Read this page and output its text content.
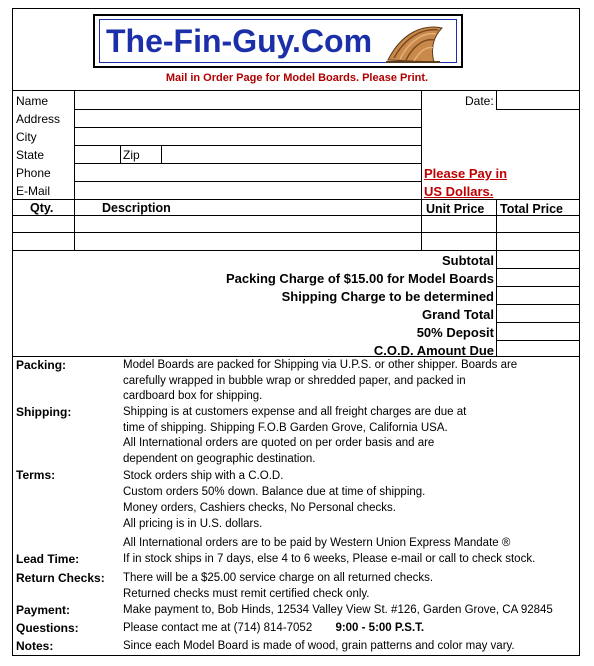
The-Fin-Guy.Com
Mail in Order Page for Model Boards. Please Print.
Name
Address
City
State	Zip
Phone
E-Mail
Date:
Please Pay in
US Dollars.
Qty.	Description	Unit Price Total Price
Subtotal
Packing Charge of $15.00 for Model Boards
Shipping Charge to be determined
Grand Total
50% Deposit
C.O.D. Amount Due
Packing:	Model Boards are packed for Shipping via U.P.S. or other shipper. Boards are
carefully wrapped in bubble wrap or shredded paper, and packed in
cardboard box for shipping.
Shipping:	Shipping is at customers expense and all freight charges are due at
time of shipping. Shipping F.O.B Garden Grove, California USA.
All International orders are quoted on per order basis and are
dependent on geographic destination.
Terms:	Stock orders ship with a C.O.D.
Custom orders 50% down. Balance due at time of shipping.
Money orders, Cashiers checks, No Personal checks.
All pricing is in U.S. dollars.
All International orders are to be paid by Western Union Express Mandate ®
Lead Time:	If in stock ships in 7 days, else 4 to 6 weeks, Please e-mail or call to check stock.
Return Checks: There will be a $25.00 service charge on all returned checks.
Returned checks must remit certified check only.
Payment:	Make payment to, Bob Hinds, 12534 Valley View St. #126, Garden Grove, CA 92845
Questions:	Please contact me at (714) 814-7052 9:00 - 5:00 P.S.T.
Notes:	Since each Model Board is made of wood, grain patterns and color may vary.
